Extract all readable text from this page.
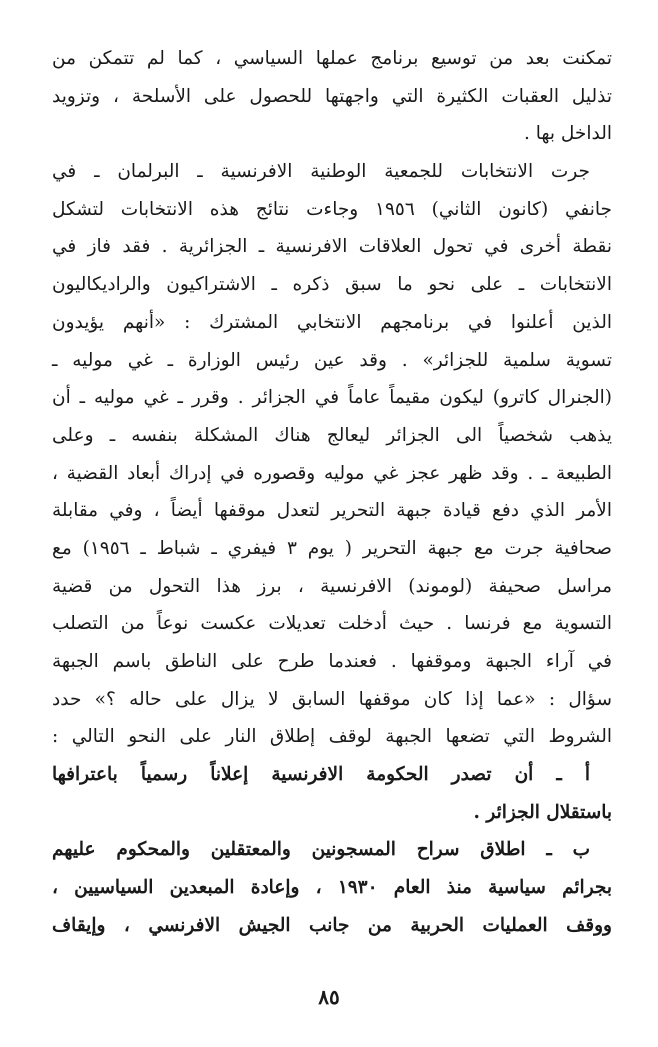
تمكنت بعد من توسيع برنامج عملها السياسي ، كما لم تتمكن من
تذليل العقبات الكثيرة التي واجهتها للحصول على الأسلحة ، وتزويد
الداخل بها .
جرت الانتخابات للجمعية الوطنية الافرنسية ـ البرلمان ـ في
جانفي (كانون الثاني) ١٩٥٦ وجاءت نتائج هذه الانتخابات لتشكل
نقطة أخرى في تحول العلاقات الافرنسية ـ الجزائرية . فقد فاز في
الانتخابات ـ على نحو ما سبق ذكره ـ الاشتراكيون والراديكاليون
الذين أعلنوا في برنامجهم الانتخابي المشترك : «أنهم يؤيدون
تسوية سلمية للجزائر» . وقد عين رئيس الوزارة ـ غي موليه ـ
(الجنرال كاترو) ليكون مقيماً عاماً في الجزائر . وقرر ـ غي موليه ـ أن
يذهب شخصياً الى الجزائر ليعالج هناك المشكلة بنفسه ـ وعلى
الطبيعة ـ . وقد ظهر عجز غي موليه وقصوره في إدراك أبعاد القضية ،
الأمر الذي دفع قيادة جبهة التحرير لتعدل موقفها أيضاً ، وفي مقابلة
صحافية جرت مع جبهة التحرير ( يوم ٣ فيفري ـ شباط ـ ١٩٥٦) مع
مراسل صحيفة (لوموند) الافرنسية ، برز هذا التحول من قضية
التسوية مع فرنسا . حيث أدخلت تعديلات عكست نوعاً من التصلب
في آراء الجبهة وموقفها . فعندما طرح على الناطق باسم الجبهة
سؤال : «عما إذا كان موقفها السابق لا يزال على حاله ؟» حدد
الشروط التي تضعها الجبهة لوقف إطلاق النار على النحو التالي :
أ ـ أن تصدر الحكومة الافرنسية إعلاناً رسمياً باعترافها
باستقلال الجزائر .
ب ـ اطلاق سراح المسجونين والمعتقلين والمحكوم عليهم
بجرائم سياسية منذ العام ١٩٣٠ ، وإعادة المبعدين السياسيين ،
ووقف العمليات الحربية من جانب الجيش الافرنسي ، وإيقاف
٨٥
